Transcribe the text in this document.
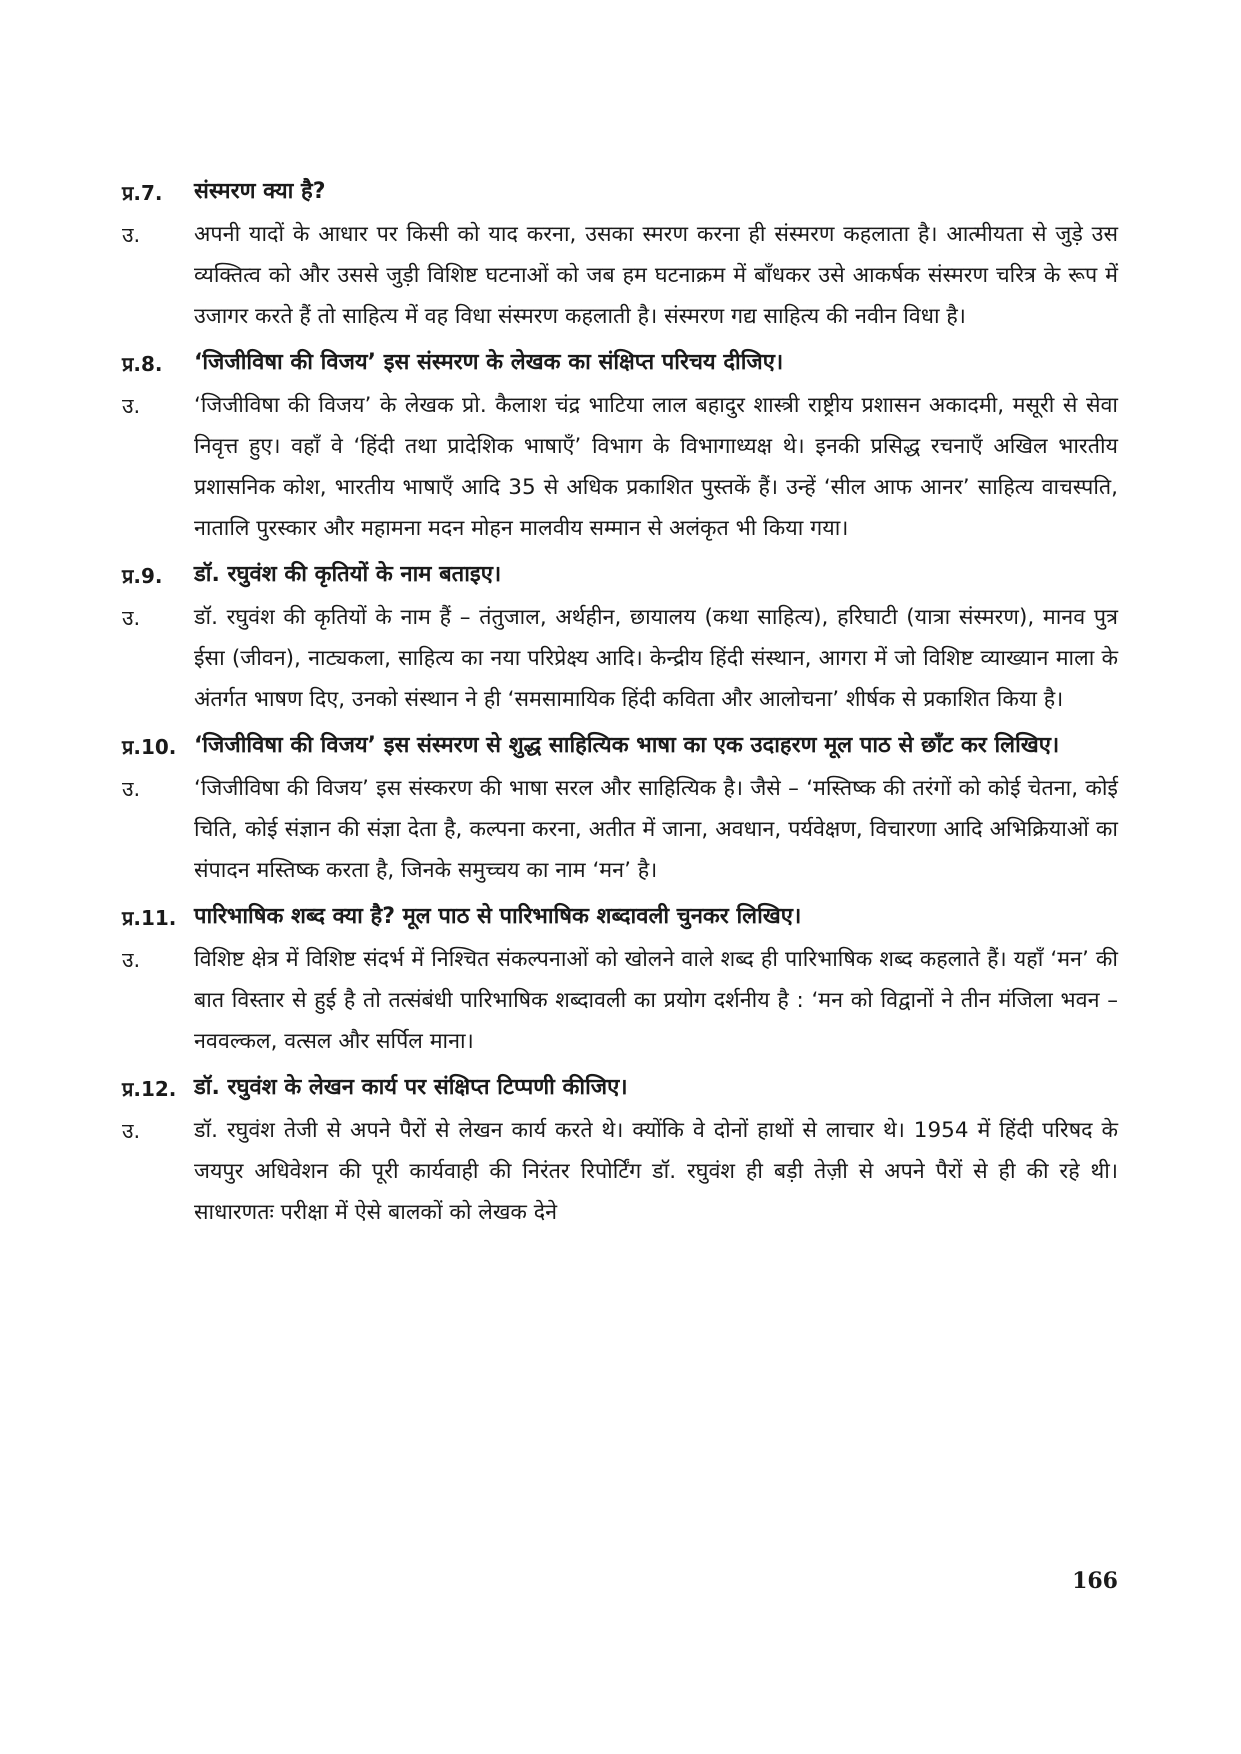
प्र.7.	संस्मरण क्या है?
उ.	अपनी यादों के आधार पर किसी को याद करना, उसका स्मरण करना ही संस्मरण कहलाता है। आत्मीयता से जुड़े उस व्यक्तित्व को और उससे जुड़ी विशिष्ट घटनाओं को जब हम घटनाक्रम में बाँधकर उसे आकर्षक संस्मरण चरित्र के रूप में उजागर करते हैं तो साहित्य में वह विधा संस्मरण कहलाती है। संस्मरण गद्य साहित्य की नवीन विधा है।
प्र.8.	‘जिजीविषा की विजय’ इस संस्मरण के लेखक का संक्षिप्त परिचय दीजिए।
उ.	‘जिजीविषा की विजय’ के लेखक प्रो. कैलाश चंद्र भाटिया लाल बहादुर शास्त्री राष्ट्रीय प्रशासन अकादमी, मसूरी से सेवा निवृत्त हुए। वहाँ वे ‘हिंदी तथा प्रादेशिक भाषाएँ’ विभाग के विभागाध्यक्ष थे। इनकी प्रसिद्ध रचनाएँ अखिल भारतीय प्रशासनिक कोश, भारतीय भाषाएँ आदि 35 से अधिक प्रकाशित पुस्तकें हैं। उन्हें ‘सील आफ आनर’ साहित्य वाचस्पति, नातालि पुरस्कार और महामना मदन मोहन मालवीय सम्मान से अलंकृत भी किया गया।
प्र.9.	डॉ. रघुवंश की कृतियों के नाम बताइए।
उ.	डॉ. रघुवंश की कृतियों के नाम हैं – तंतुजाल, अर्थहीन, छायालय (कथा साहित्य), हरिघाटी (यात्रा संस्मरण), मानव पुत्र ईसा (जीवन), नाट्यकला, साहित्य का नया परिप्रेक्ष्य आदि। केन्द्रीय हिंदी संस्थान, आगरा में जो विशिष्ट व्याख्यान माला के अंतर्गत भाषण दिए, उनको संस्थान ने ही ‘समसामायिक हिंदी कविता और आलोचना’ शीर्षक से प्रकाशित किया है।
प्र.10. ‘जिजीविषा की विजय’ इस संस्मरण से शुद्ध साहित्यिक भाषा का एक उदाहरण मूल पाठ से छाँट कर लिखिए।
उ.	‘जिजीविषा की विजय’ इस संस्करण की भाषा सरल और साहित्यिक है। जैसे – ‘मस्तिष्क की तरंगों को कोई चेतना, कोई चिति, कोई संज्ञान की संज्ञा देता है, कल्पना करना, अतीत में जाना, अवधान, पर्यवेक्षण, विचारणा आदि अभिक्रियाओं का संपादन मस्तिष्क करता है, जिनके समुच्चय का नाम ‘मन’ है।
प्र.11. पारिभाषिक शब्द क्या है? मूल पाठ से पारिभाषिक शब्दावली चुनकर लिखिए।
उ.	विशिष्ट क्षेत्र में विशिष्ट संदर्भ में निश्चित संकल्पनाओं को खोलने वाले शब्द ही पारिभाषिक शब्द कहलाते हैं। यहाँ ‘मन’ की बात विस्तार से हुई है तो तत्संबंधी पारिभाषिक शब्दावली का प्रयोग दर्शनीय है : ‘मन को विद्वानों ने तीन मंजिला भवन – नववल्कल, वत्सल और सर्पिल माना।
प्र.12. डॉ. रघुवंश के लेखन कार्य पर संक्षिप्त टिप्पणी कीजिए।
उ.	डॉ. रघुवंश तेजी से अपने पैरों से लेखन कार्य करते थे। क्योंकि वे दोनों हाथों से लाचार थे। 1954 में हिंदी परिषद के जयपुर अधिवेशन की पूरी कार्यवाही की निरंतर रिपोर्टिंग डॉ. रघुवंश ही बड़ी तेज़ी से अपने पैरों से ही की रहे थी। साधारणतः परीक्षा में ऐसे बालकों को लेखक देने
166
